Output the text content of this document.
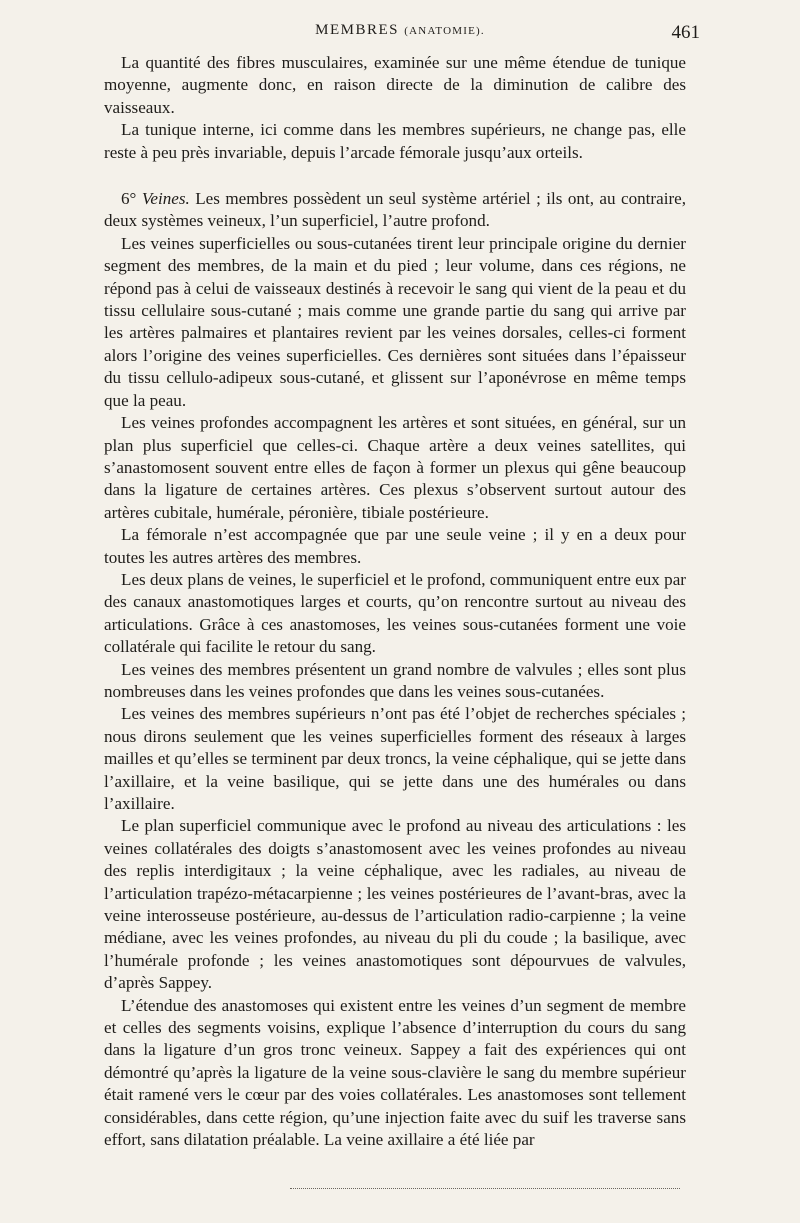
MEMBRES (ANATOMIE).	461

La quantité des fibres musculaires, examinée sur une même étendue de tunique moyenne, augmente donc, en raison directe de la diminution de calibre des vaisseaux.

La tunique interne, ici comme dans les membres supérieurs, ne change pas, elle reste à peu près invariable, depuis l’arcade fémorale jusqu’aux orteils.

6° Veines. Les membres possèdent un seul système artériel ; ils ont, au contraire, deux systèmes veineux, l’un superficiel, l’autre profond.

Les veines superficielles ou sous-cutanées tirent leur principale origine du dernier segment des membres, de la main et du pied ; leur volume, dans ces régions, ne répond pas à celui de vaisseaux destinés à recevoir le sang qui vient de la peau et du tissu cellulaire sous-cutané ; mais comme une grande partie du sang qui arrive par les artères palmaires et plantaires revient par les veines dorsales, celles-ci forment alors l’origine des veines superficielles. Ces dernières sont situées dans l’épaisseur du tissu cellulo-adipeux sous-cutané, et glissent sur l’aponévrose en même temps que la peau.

Les veines profondes accompagnent les artères et sont situées, en général, sur un plan plus superficiel que celles-ci. Chaque artère a deux veines satellites, qui s’anastomosent souvent entre elles de façon à former un plexus qui gêne beaucoup dans la ligature de certaines artères. Ces plexus s’observent surtout autour des artères cubitale, humérale, péronière, tibiale postérieure.

La fémorale n’est accompagnée que par une seule veine ; il y en a deux pour toutes les autres artères des membres.

Les deux plans de veines, le superficiel et le profond, communiquent entre eux par des canaux anastomotiques larges et courts, qu’on rencontre surtout au niveau des articulations. Grâce à ces anastomoses, les veines sous-cutanées forment une voie collatérale qui facilite le retour du sang.

Les veines des membres présentent un grand nombre de valvules ; elles sont plus nombreuses dans les veines profondes que dans les veines sous-cutanées.

Les veines des membres supérieurs n’ont pas été l’objet de recherches spéciales ; nous dirons seulement que les veines superficielles forment des réseaux à larges mailles et qu’elles se terminent par deux troncs, la veine céphalique, qui se jette dans l’axillaire, et la veine basilique, qui se jette dans une des humérales ou dans l’axillaire.

Le plan superficiel communique avec le profond au niveau des articulations : les veines collatérales des doigts s’anastomosent avec les veines profondes au niveau des replis interdigitaux ; la veine céphalique, avec les radiales, au niveau de l’articulation trapézo-métacarpienne ; les veines postérieures de l’avant-bras, avec la veine interosseuse postérieure, au-dessus de l’articulation radio-carpienne ; la veine médiane, avec les veines profondes, au niveau du pli du coude ; la basilique, avec l’humérale profonde ; les veines anastomotiques sont dépourvues de valvules, d’après Sappey.

L’étendue des anastomoses qui existent entre les veines d’un segment de membre et celles des segments voisins, explique l’absence d’interruption du cours du sang dans la ligature d’un gros tronc veineux. Sappey a fait des expériences qui ont démontré qu’après la ligature de la veine sous-clavière le sang du membre supérieur était ramené vers le cœur par des voies collatérales. Les anastomoses sont tellement considérables, dans cette région, qu’une injection faite avec du suif les traverse sans effort, sans dilatation préalable. La veine axillaire a été liée par
